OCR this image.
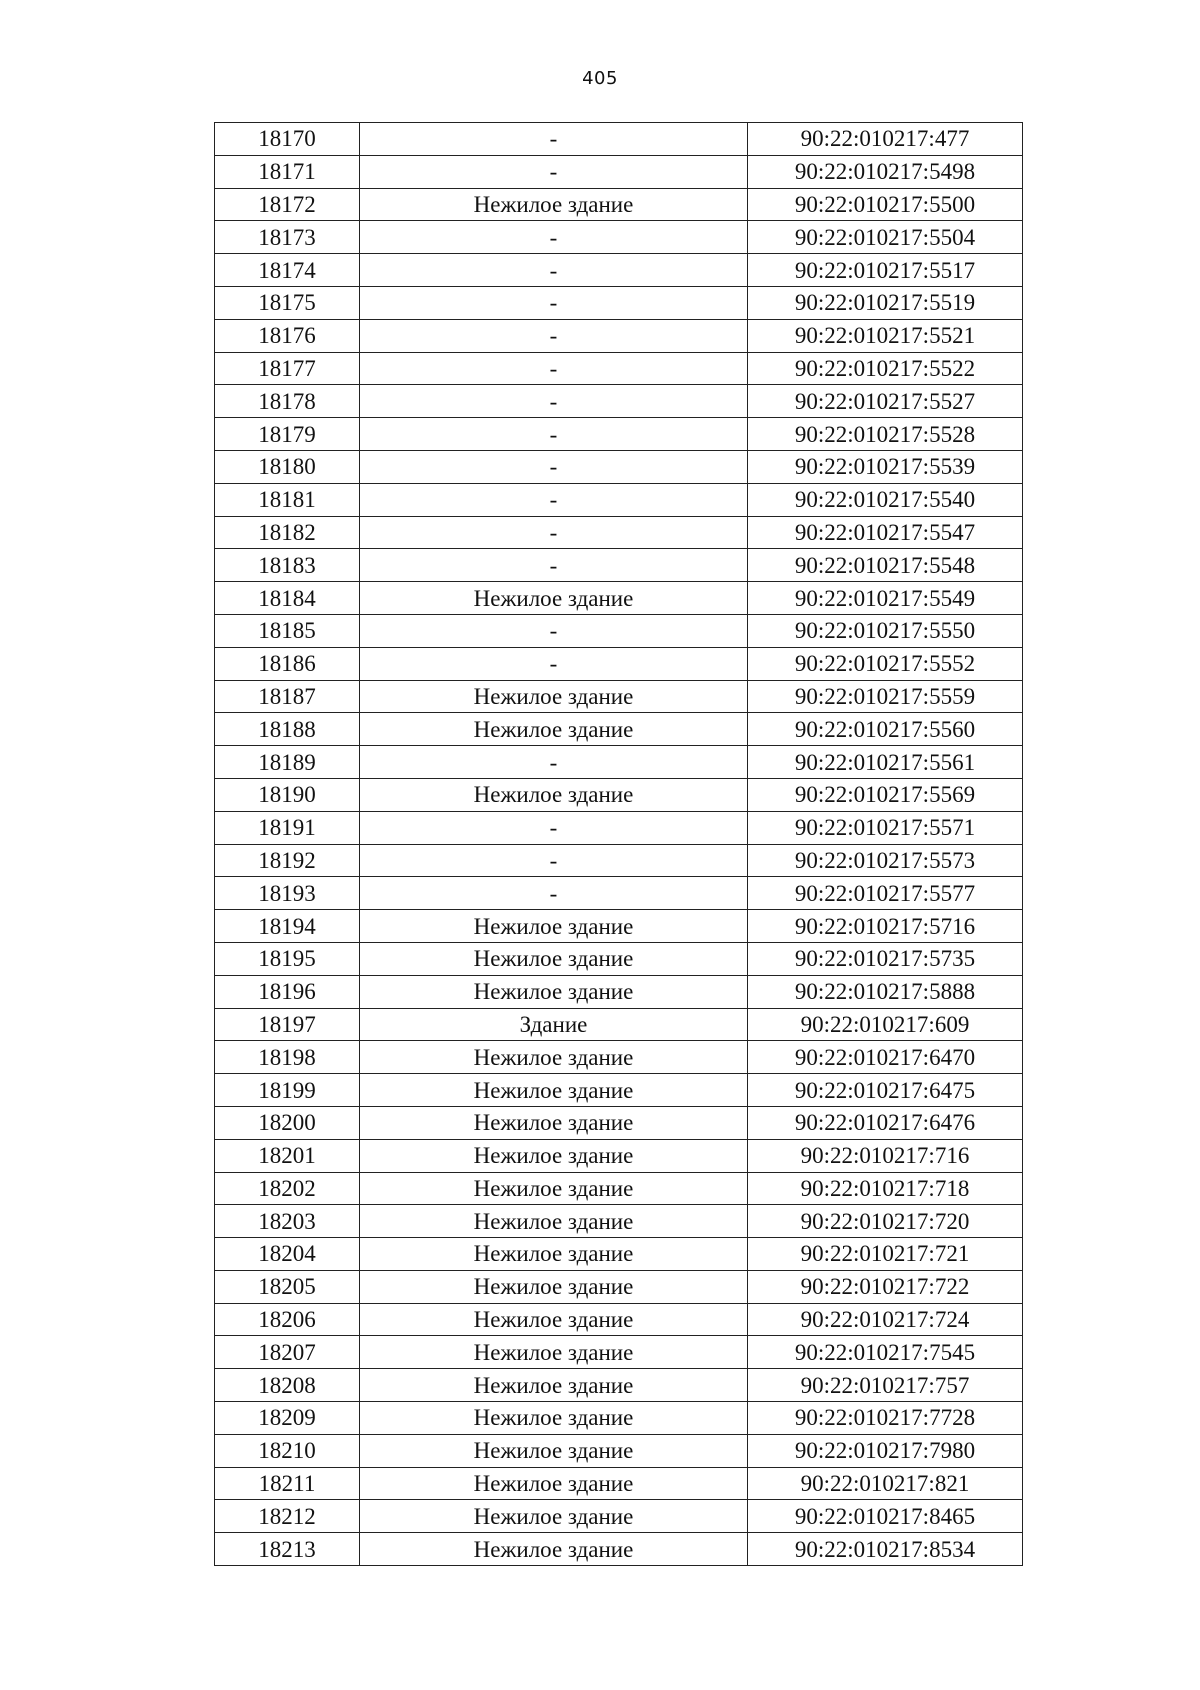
405
18170	-	90:22:010217:477
18171	-	90:22:010217:5498
18172	Нежилое здание	90:22:010217:5500
18173	-	90:22:010217:5504
18174	-	90:22:010217:5517
18175	-	90:22:010217:5519
18176	-	90:22:010217:5521
18177	-	90:22:010217:5522
18178	-	90:22:010217:5527
18179	-	90:22:010217:5528
18180	-	90:22:010217:5539
18181	-	90:22:010217:5540
18182	-	90:22:010217:5547
18183	-	90:22:010217:5548
18184	Нежилое здание	90:22:010217:5549
18185	-	90:22:010217:5550
18186	-	90:22:010217:5552
18187	Нежилое здание	90:22:010217:5559
18188	Нежилое здание	90:22:010217:5560
18189	-	90:22:010217:5561
18190	Нежилое здание	90:22:010217:5569
18191	-	90:22:010217:5571
18192	-	90:22:010217:5573
18193	-	90:22:010217:5577
18194	Нежилое здание	90:22:010217:5716
18195	Нежилое здание	90:22:010217:5735
18196	Нежилое здание	90:22:010217:5888
18197	Здание	90:22:010217:609
18198	Нежилое здание	90:22:010217:6470
18199	Нежилое здание	90:22:010217:6475
18200	Нежилое здание	90:22:010217:6476
18201	Нежилое здание	90:22:010217:716
18202	Нежилое здание	90:22:010217:718
18203	Нежилое здание	90:22:010217:720
18204	Нежилое здание	90:22:010217:721
18205	Нежилое здание	90:22:010217:722
18206	Нежилое здание	90:22:010217:724
18207	Нежилое здание	90:22:010217:7545
18208	Нежилое здание	90:22:010217:757
18209	Нежилое здание	90:22:010217:7728
18210	Нежилое здание	90:22:010217:7980
18211	Нежилое здание	90:22:010217:821
18212	Нежилое здание	90:22:010217:8465
18213	Нежилое здание	90:22:010217:8534
